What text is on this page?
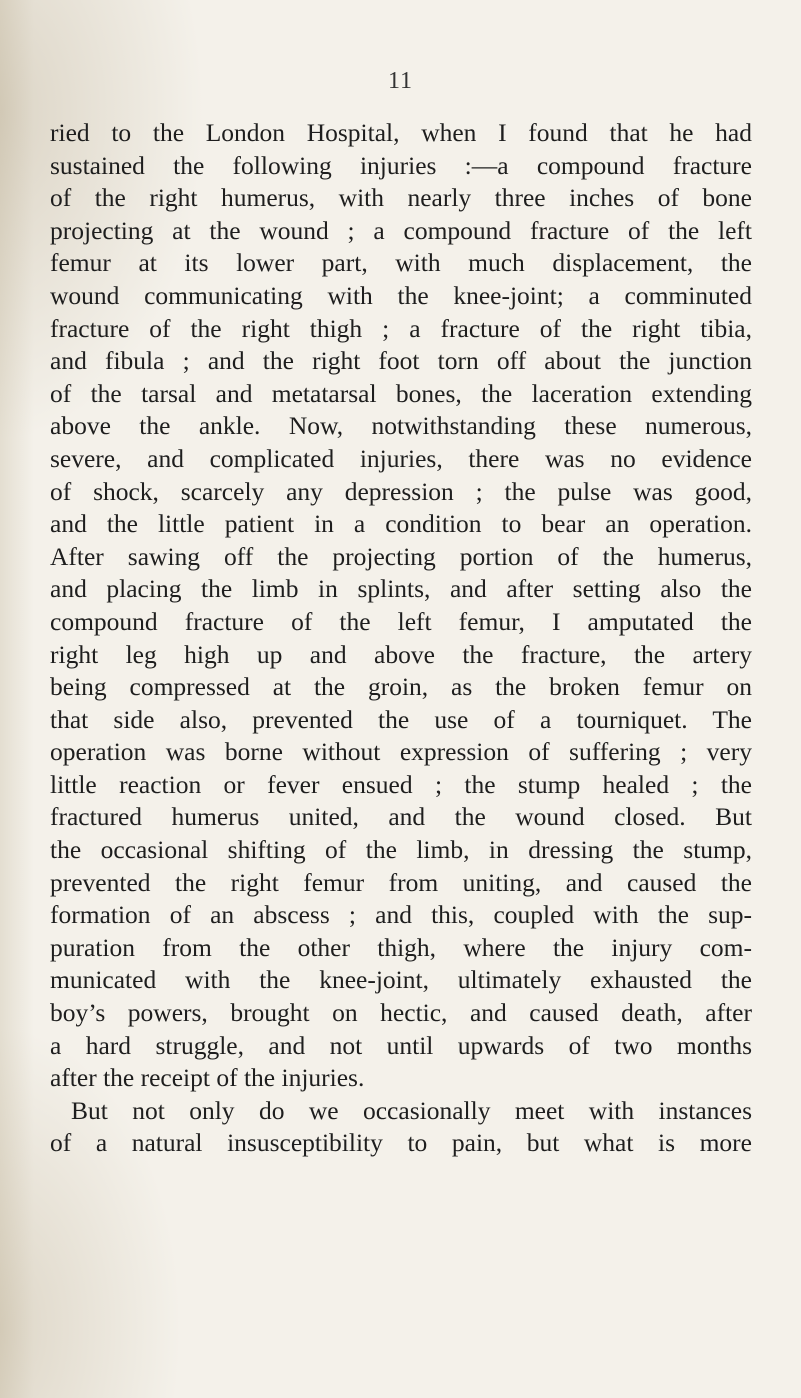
11
ried to the London Hospital, when I found that he had
sustained the following injuries :—a compound fracture
of the right humerus, with nearly three inches of bone
projecting at the wound ; a compound fracture of the left
femur at its lower part, with much displacement, the
wound communicating with the knee-joint; a comminuted
fracture of the right thigh ; a fracture of the right tibia,
and fibula ; and the right foot torn off about the junction
of the tarsal and metatarsal bones, the laceration extending
above the ankle. Now, notwithstanding these numerous,
severe, and complicated injuries, there was no evidence
of shock, scarcely any depression ; the pulse was good,
and the little patient in a condition to bear an operation.
After sawing off the projecting portion of the humerus,
and placing the limb in splints, and after setting also the
compound fracture of the left femur, I amputated the
right leg high up and above the fracture, the artery
being compressed at the groin, as the broken femur on
that side also, prevented the use of a tourniquet. The
operation was borne without expression of suffering ; very
little reaction or fever ensued ; the stump healed ; the
fractured humerus united, and the wound closed. But
the occasional shifting of the limb, in dressing the stump,
prevented the right femur from uniting, and caused the
formation of an abscess ; and this, coupled with the sup-
puration from the other thigh, where the injury com-
municated with the knee-joint, ultimately exhausted the
boy’s powers, brought on hectic, and caused death, after
a hard struggle, and not until upwards of two months
after the receipt of the injuries.
But not only do we occasionally meet with instances
of a natural insusceptibility to pain, but what is more
